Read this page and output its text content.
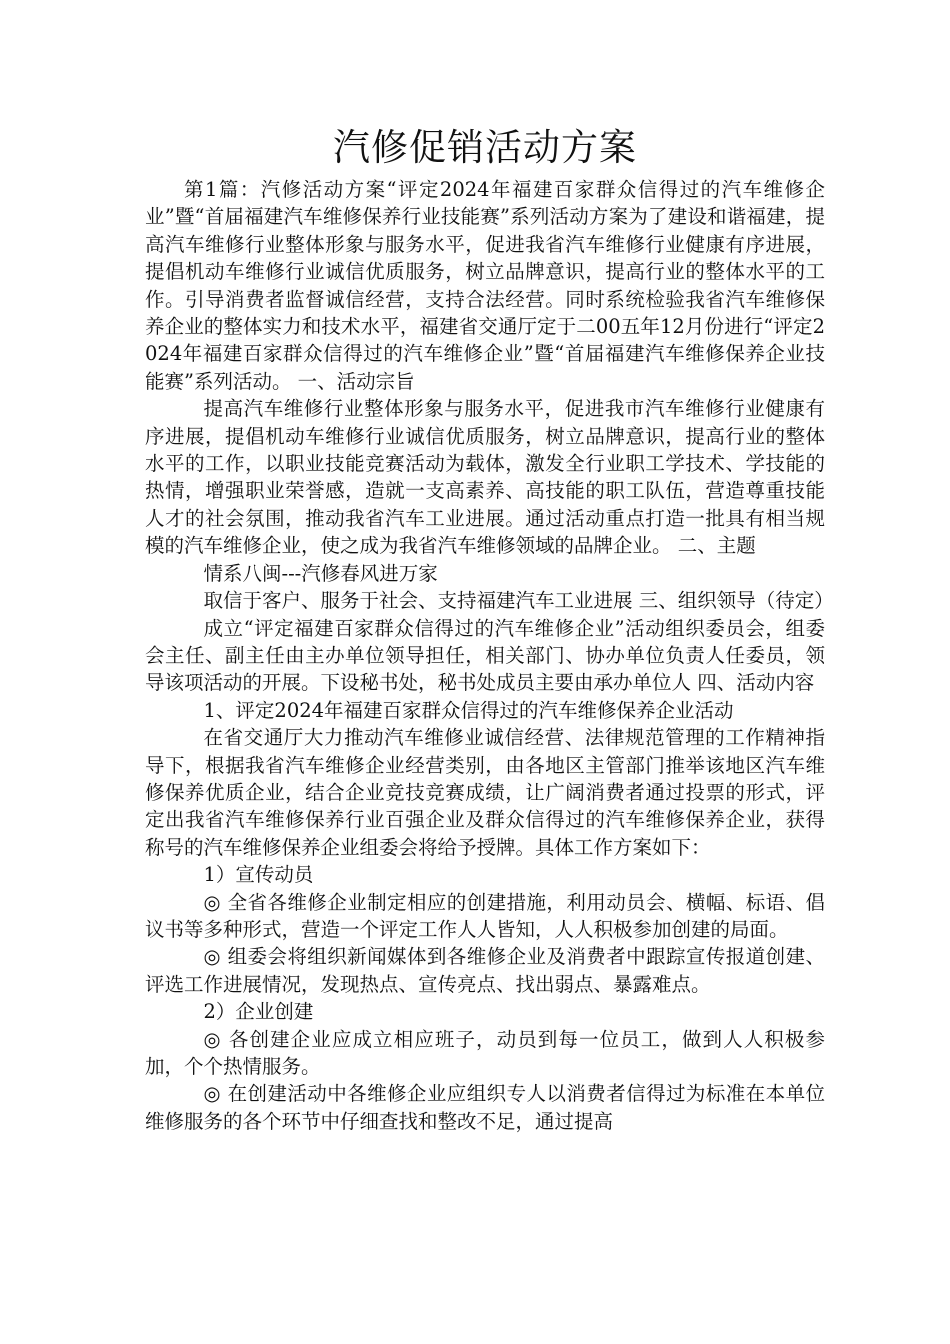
汽修促销活动方案

第1篇：汽修活动方案“评定2024年福建百家群众信得过的汽车维修企业”暨“首届福建汽车维修保养行业技能赛”系列活动方案为了建设和谐福建，提高汽车维修行业整体形象与服务水平，促进我省汽车维修行业健康有序进展，提倡机动车维修行业诚信优质服务，树立品牌意识，提高行业的整体水平的工作。引导消费者监督诚信经营，支持合法经营。同时系统检验我省汽车维修保养企业的整体实力和技术水平，福建省交通厅定于二00五年12月份进行“评定2024年福建百家群众信得过的汽车维修企业”暨“首届福建汽车维修保养企业技能赛”系列活动。 一、活动宗旨

提高汽车维修行业整体形象与服务水平，促进我市汽车维修行业健康有序进展，提倡机动车维修行业诚信优质服务，树立品牌意识，提高行业的整体水平的工作，以职业技能竞赛活动为载体，激发全行业职工学技术、学技能的热情，增强职业荣誉感，造就一支高素养、高技能的职工队伍，营造尊重技能人才的社会氛围，推动我省汽车工业进展。通过活动重点打造一批具有相当规模的汽车维修企业，使之成为我省汽车维修领域的品牌企业。 二、主题

情系八闽---汽修春风进万家

取信于客户、服务于社会、支持福建汽车工业进展 三、组织领导（待定）

成立“评定福建百家群众信得过的汽车维修企业”活动组织委员会，组委会主任、副主任由主办单位领导担任，相关部门、协办单位负责人任委员，领导该项活动的开展。下设秘书处，秘书处成员主要由承办单位人 四、活动内容

1、评定2024年福建百家群众信得过的汽车维修保养企业活动

在省交通厅大力推动汽车维修业诚信经营、法律规范管理的工作精神指导下，根据我省汽车维修企业经营类别，由各地区主管部门推举该地区汽车维修保养优质企业，结合企业竞技竞赛成绩，让广阔消费者通过投票的形式，评定出我省汽车维修保养行业百强企业及群众信得过的汽车维修保养企业，获得称号的汽车维修保养企业组委会将给予授牌。具体工作方案如下：

1）宣传动员

◎ 全省各维修企业制定相应的创建措施，利用动员会、横幅、标语、倡议书等多种形式，营造一个评定工作人人皆知，人人积极参加创建的局面。

◎ 组委会将组织新闻媒体到各维修企业及消费者中跟踪宣传报道创建、评选工作进展情况，发现热点、宣传亮点、找出弱点、暴露难点。

2）企业创建

◎ 各创建企业应成立相应班子，动员到每一位员工，做到人人积极参加，个个热情服务。

◎ 在创建活动中各维修企业应组织专人以消费者信得过为标准在本单位维修服务的各个环节中仔细查找和整改不足，通过提高
